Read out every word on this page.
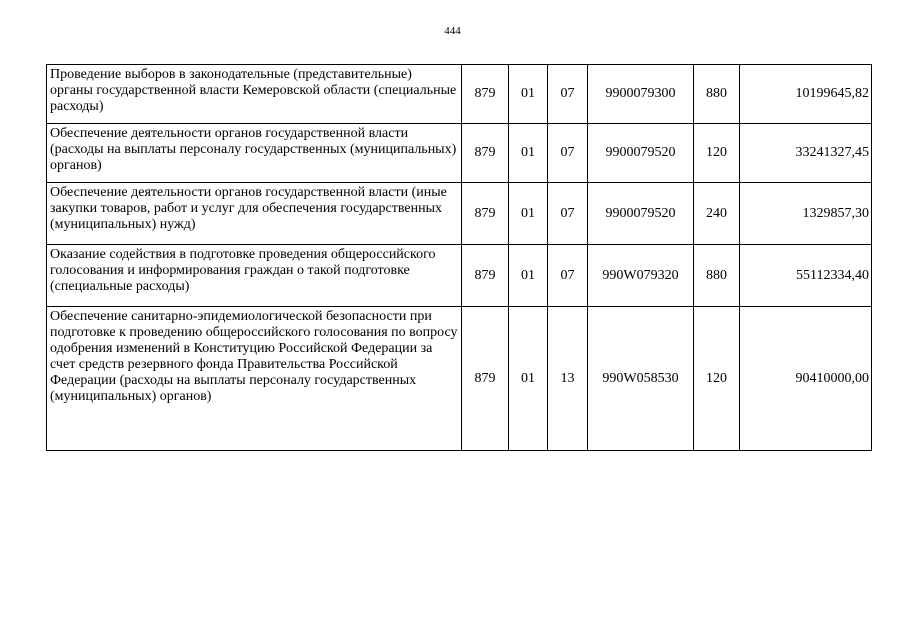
444
Проведение выборов в законодательные (представительные) органы государственной власти Кемеровской области (специальные расходы)	879	01	07	9900079300	880	10199645,82
Обеспечение деятельности органов государственной власти (расходы на выплаты персоналу государственных (муниципальных) органов)	879	01	07	9900079520	120	33241327,45
Обеспечение деятельности органов государственной власти (иные закупки товаров, работ и услуг для обеспечения государственных (муниципальных) нужд)	879	01	07	9900079520	240	1329857,30
Оказание содействия в подготовке проведения общероссийского голосования и информирования граждан о такой подготовке (специальные расходы)	879	01	07	990W079320	880	55112334,40
Обеспечение санитарно-эпидемиологической безопасности при подготовке к проведению общероссийского голосования по вопросу одобрения изменений в Конституцию Российской Федерации за счет средств резервного фонда Правительства Российской Федерации (расходы на выплаты персоналу государственных (муниципальных) органов)	879	01	13	990W058530	120	90410000,00
